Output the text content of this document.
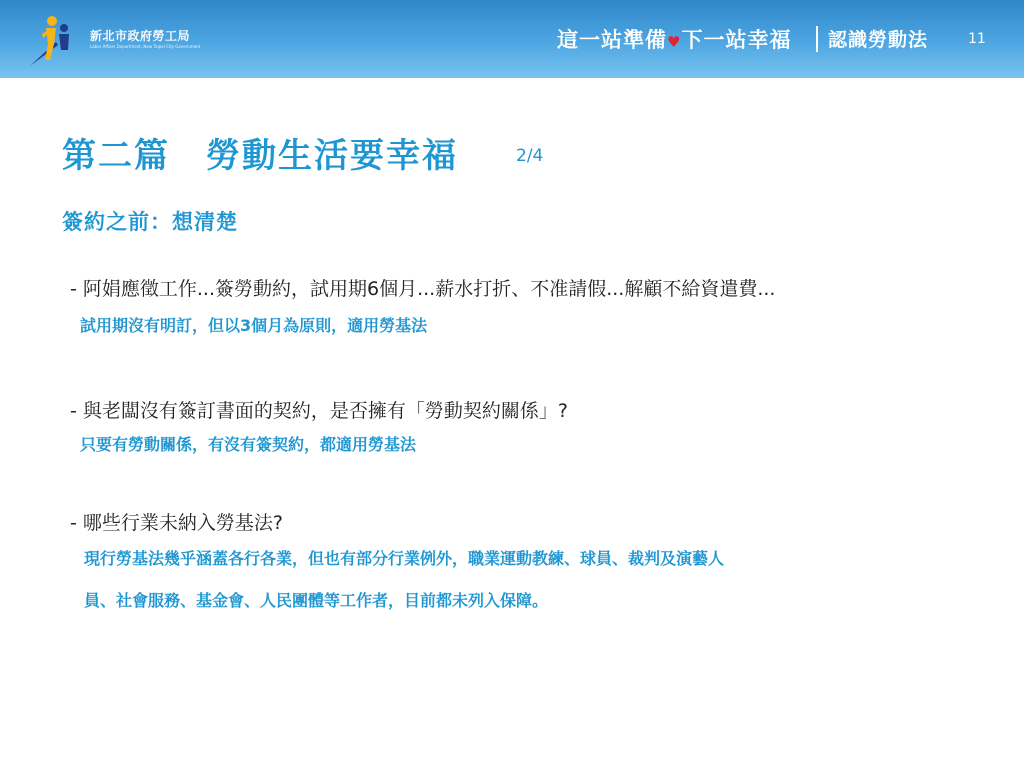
新北市政府勞工局
Labor Affairs Department, New Taipei City Government	這一站準備♥下一站幸福 認識勞動法	11
第二篇　勞動生活要幸福	2/4
簽約之前：想清楚
- 阿娟應徵工作...簽勞動約，試用期6個月...薪水打折、不准請假...解顧不給資遣費...
試用期沒有明訂，但以3個月為原則，適用勞基法
- 與老闆沒有簽訂書面的契約，是否擁有「勞動契約關係」?
只要有勞動關係，有沒有簽契約，都適用勞基法
- 哪些行業未納入勞基法?
現行勞基法幾乎涵蓋各行各業，但也有部分行業例外，職業運動教練、球員、裁判及演藝人
員、社會服務、基金會、人民團體等工作者，目前都未列入保障。
